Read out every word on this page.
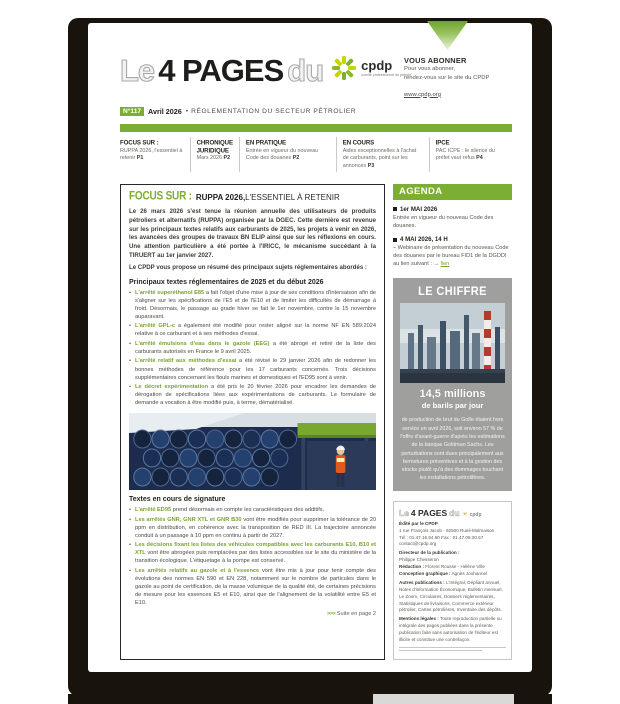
Le 4 PAGES du	cpdp
comité professionnel du pétrole
VOUS ABONNER
Pour vous abonner,
rendez-vous sur le site du CPDP
www.cpdp.org
N°117 Avril 2026 • RÉGLEMENTATION DU SECTEUR PÉTROLIER
FOCUS SUR :
RUPPA 2026, l'essentiel à retenir P1
CHRONIQUE JURIDIQUE
Mars 2026 P2
EN PRATIQUE
Entrée en vigueur du nouveau Code des douanes P2
EN COURS
Aides exceptionnelles à l'achat de carburants, point sur les annonces P3
IPCE
PAC ICPE : le silence du préfet vaut refus P4
FOCUS SUR : RUPPA 2026, L'ESSENTIEL À RETENIR

Le 26 mars 2026 s'est tenue la réunion annuelle des utilisateurs de produits pétroliers et alternatifs (RUPPA) organisée par la DGEC. Cette dernière est revenue sur les principaux textes relatifs aux carburants de 2025, les projets à venir en 2026, les avancées des groupes de travaux BN ELIP ainsi que sur les réflexions en cours. Une attention particulière a été portée à l'IRICC, le mécanisme succédant à la TIRUERT au 1er janvier 2027.

Le CPDP vous propose un résumé des principaux sujets réglementaires abordés :

Principaux textes réglementaires de 2025 et du début 2026
• L'arrêté superéthanol E85 a fait l'objet d'une mise à jour de ses conditions d'intersaison afin de s'aligner sur les spécifications de l'E5 et de l'E10 et de limiter les difficultés de démarrage à froid. Désormais, le passage au grade hiver se fait le 1er novembre, contre le 15 novembre auparavant.
• L'arrêté GPL-c a également été modifié pour rester aligné sur la norme NF EN 589:2024 relative à ce carburant et à ses méthodes d'essai.
• L'arrêté émulsions d'eau dans le gazole (EEG) a été abrogé et retiré de la liste des carburants autorisés en France le 9 avril 2025.
• L'arrêté relatif aux méthodes d'essai a été révisé le 29 janvier 2026 afin de redonner les bonnes méthodes de référence pour les 17 carburants concernés. Trois décisions supplémentaires concernant les fiouls marines et domestiques et l'ED95 sont à venir.
• Le décret expérimentation a été pris le 20 février 2026 pour encadrer les demandes de dérogation de spécifications liées aux expérimentations de carburants. Le formulaire de demande a vocation à être modifié puis, à terme, dématérialisé.
Textes en cours de signature
• L'arrêté ED95 prend désormais en compte les caractéristiques des additifs.
• Les arrêtés GNR, GNR XTL et GNR B30 vont être modifiés pour supprimer la tolérance de 20 ppm en distribution, en cohérence avec la transposition de RED III. La trajectoire annoncée conduit à un passage à 10 ppm en continu à partir de 2027.
• Les décisions fixant les listes des véhicules compatibles avec les carburants E10, B10 et XTL vont être abrogées puis remplacées par des listes accessibles sur le site du ministère de la transition écologique. L'étiquetage à la pompe est conservé.
• Les arrêtés relatifs au gazole et à l'essence vont être mis à jour pour tenir compte des évolutions des normes EN 590 et EN 228, notamment sur le nombre de particules dans le gazole au point de certification, de la masse volumique de la qualité été, de certaines précisions de mesure pour les essences E5 et E10, ainsi que de l'alignement de la volatilité entre E5 et E10.
>>> Suite en page 2
AGENDA
1er MAI 2026
Entrée en vigueur du nouveau Code des douanes.
4 MAI 2026, 14 H
– Webinaire de présentation du nouveau Code des douanes par le bureau FID1 de la DGDDI au lien suivant : → lien
LE CHIFFRE
14,5 millions
de barils par jour
de production de brut du Golfe étaient hors service en avril 2026, soit environ 57 % de l'offre d'avant-guerre d'après les estimations de la banque Goldman Sachs. Les perturbations sont dues principalement aux fermetures préventives et à la gestion des stocks plutôt qu'à des dommages touchant les installations pétrolifères.
Le 4 PAGES du ✳ cpdp
Édité par le CPDP
1 rue François Jacob - 92500 Rueil-Malmaison
Tél : 01.47.16.94.60 Fax : 01.47.08.30.57
contact@cpdp.org
Directeur de la publication :
Philippe Chesseron
Rédaction : Florent Rousse - Hélène Ville
Conception graphique : Agnès Jouhannel
Autres publications : L'Intégral, Dépliant annuel, Notes d'information Économique, Bulletin mensuel, Le Zoom, Circulaires, Dossiers réglementaires, Statistiques de livraisons, Commerce extérieur pétrolier, Cartes pétrolières, Inventaire des dépôts.
Mentions légales : Toute reproduction partielle ou intégrale des pages publiées dans la présente publication faite sans autorisation de l'éditeur est illicite et constitue une contrefaçon.
